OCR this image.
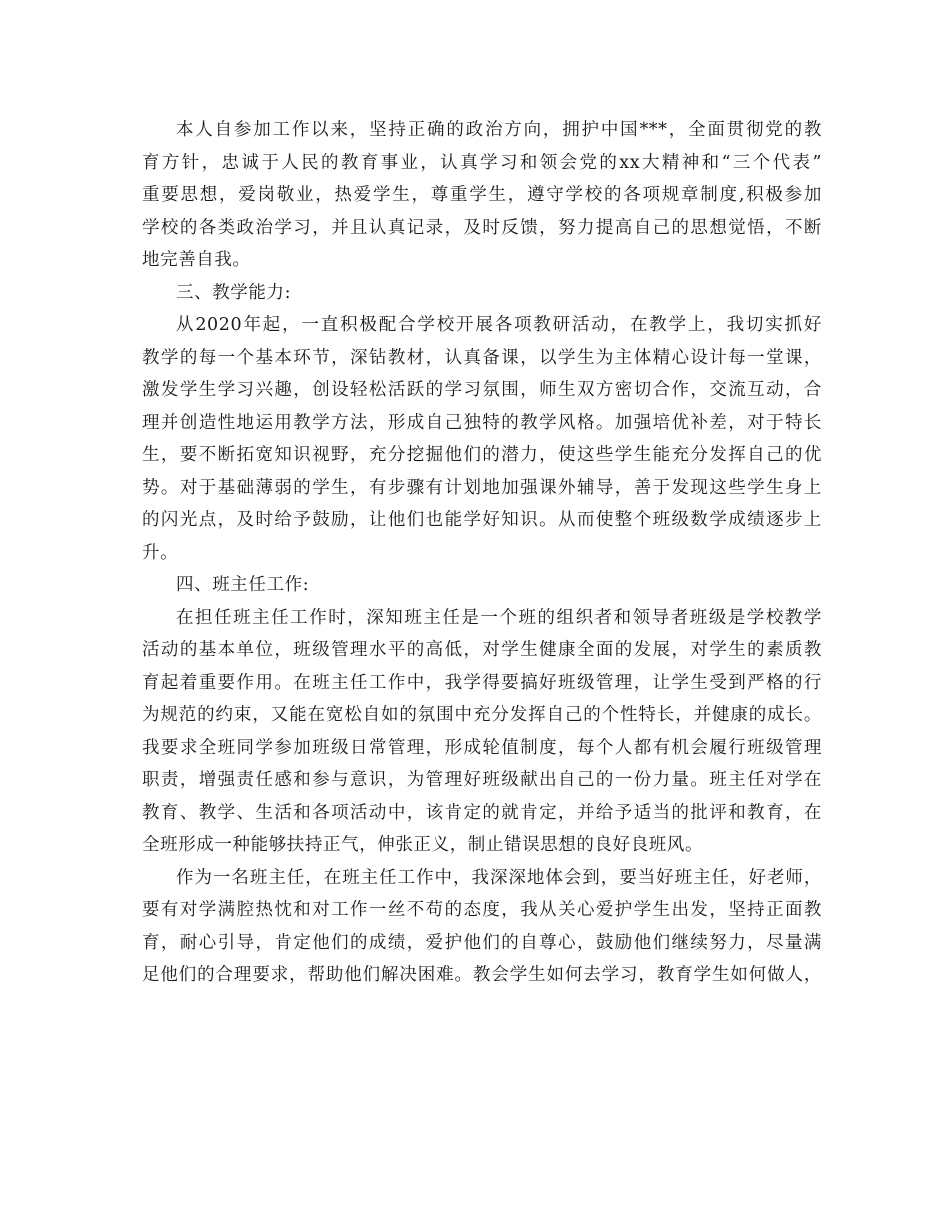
本人自参加工作以来，坚持正确的政治方向，拥护中国***，全面贯彻党的教
育方针，忠诚于人民的教育事业，认真学习和领会党的xx大精神和“三个代表”
重要思想，爱岗敬业，热爱学生，尊重学生，遵守学校的各项规章制度,积极参加
学校的各类政治学习，并且认真记录，及时反馈，努力提高自己的思想觉悟，不断
地完善自我。
三、教学能力:
从2020年起，一直积极配合学校开展各项教研活动，在教学上，我切实抓好
教学的每一个基本环节，深钻教材，认真备课，以学生为主体精心设计每一堂课，
激发学生学习兴趣，创设轻松活跃的学习氛围，师生双方密切合作，交流互动，合
理并创造性地运用教学方法，形成自己独特的教学风格。加强培优补差，对于特长
生，要不断拓宽知识视野，充分挖掘他们的潜力，使这些学生能充分发挥自己的优
势。对于基础薄弱的学生，有步骤有计划地加强课外辅导，善于发现这些学生身上
的闪光点，及时给予鼓励，让他们也能学好知识。从而使整个班级数学成绩逐步上
升。
四、班主任工作:
在担任班主任工作时，深知班主任是一个班的组织者和领导者班级是学校教学
活动的基本单位，班级管理水平的高低，对学生健康全面的发展，对学生的素质教
育起着重要作用。在班主任工作中，我学得要搞好班级管理，让学生受到严格的行
为规范的约束，又能在宽松自如的氛围中充分发挥自己的个性特长，并健康的成长。
我要求全班同学参加班级日常管理，形成轮值制度，每个人都有机会履行班级管理
职责，增强责任感和参与意识，为管理好班级献出自己的一份力量。班主任对学在
教育、教学、生活和各项活动中，该肯定的就肯定，并给予适当的批评和教育，在
全班形成一种能够扶持正气，伸张正义，制止错误思想的良好良班风。
作为一名班主任，在班主任工作中，我深深地体会到，要当好班主任，好老师，
要有对学满腔热忱和对工作一丝不苟的态度，我从关心爱护学生出发，坚持正面教
育，耐心引导，肯定他们的成绩，爱护他们的自尊心，鼓励他们继续努力，尽量满
足他们的合理要求，帮助他们解决困难。教会学生如何去学习，教育学生如何做人，
